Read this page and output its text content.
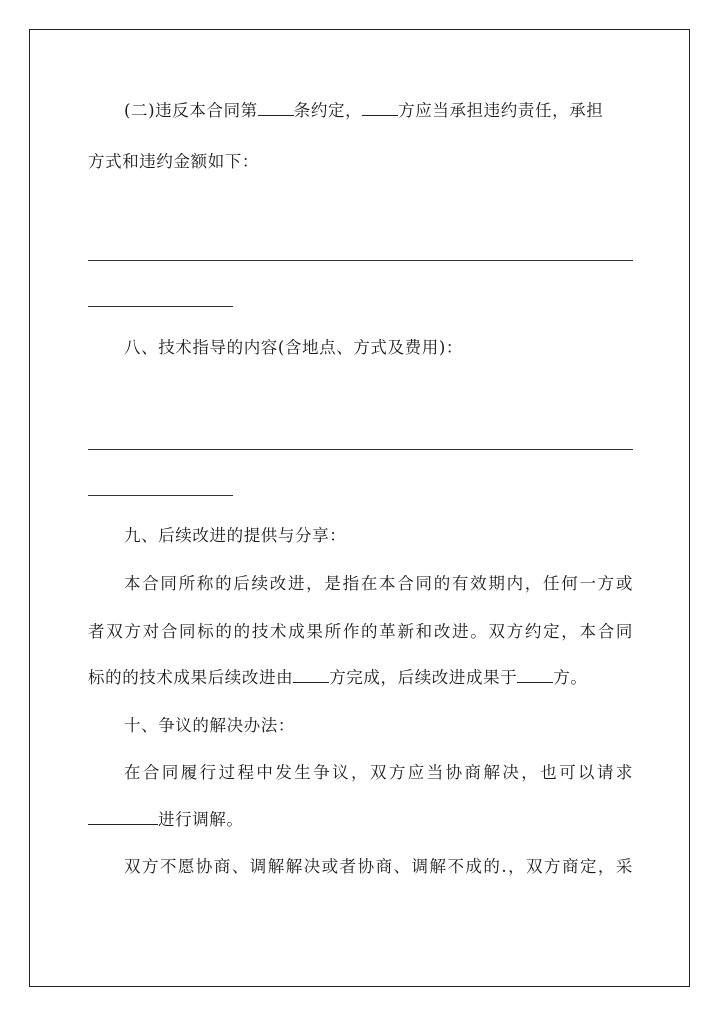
(二)违反本合同第 条约定， 方应当承担违约责任，承担
方式和违约金额如下：
八、技术指导的内容(含地点、方式及费用)：
九、后续改进的提供与分享：
本合同所称的后续改进，是指在本合同的有效期内，任何一方或
者双方对合同标的的技术成果所作的革新和改进。双方约定，本合同
标的的技术成果后续改进由 方完成，后续改进成果于 方。
十、争议的解决办法：
在合同履行过程中发生争议，双方应当协商解决，也可以请求
进行调解。
双方不愿协商、调解解决或者协商、调解不成的.，双方商定，采
